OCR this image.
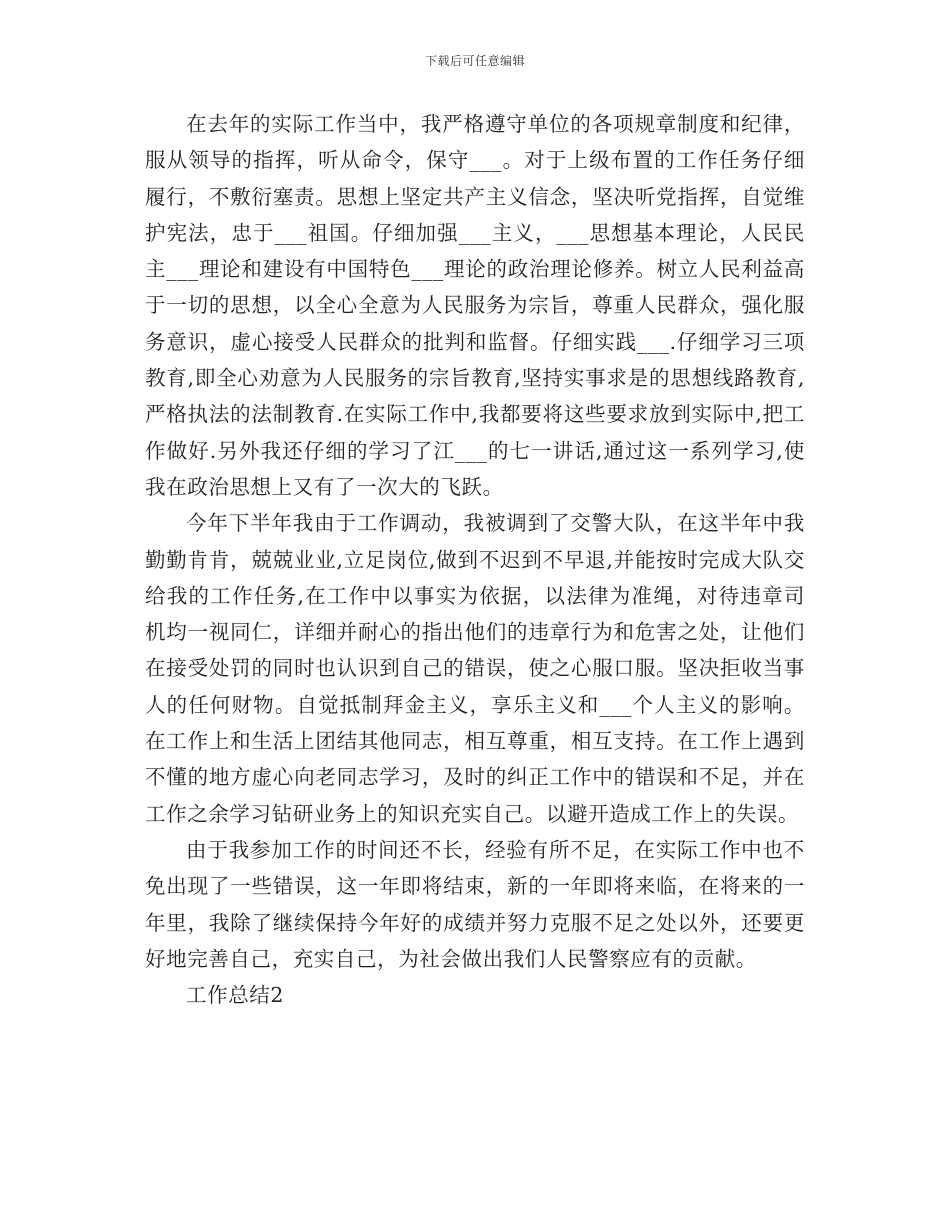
下载后可任意编辑

在去年的实际工作当中，我严格遵守单位的各项规章制度和纪律，服从领导的指挥，听从命令，保守___。对于上级布置的工作任务仔细履行，不敷衍塞责。思想上坚定共产主义信念，坚决听党指挥，自觉维护宪法，忠于___祖国。仔细加强___主义，___思想基本理论，人民民主___理论和建设有中国特色___理论的政治理论修养。树立人民利益高于一切的思想，以全心全意为人民服务为宗旨，尊重人民群众，强化服务意识，虚心接受人民群众的批判和监督。仔细实践___.仔细学习三项教育,即全心劝意为人民服务的宗旨教育,坚持实事求是的思想线路教育,严格执法的法制教育.在实际工作中,我都要将这些要求放到实际中,把工作做好.另外我还仔细的学习了江___的七一讲话,通过这一系列学习,使我在政治思想上又有了一次大的飞跃。

今年下半年我由于工作调动，我被调到了交警大队，在这半年中我勤勤肯肯，兢兢业业,立足岗位,做到不迟到不早退,并能按时完成大队交给我的工作任务,在工作中以事实为依据，以法律为准绳，对待违章司机均一视同仁，详细并耐心的指出他们的违章行为和危害之处，让他们在接受处罚的同时也认识到自己的错误，使之心服口服。坚决拒收当事人的任何财物。自觉抵制拜金主义，享乐主义和___个人主义的影响。在工作上和生活上团结其他同志，相互尊重，相互支持。在工作上遇到不懂的地方虚心向老同志学习，及时的纠正工作中的错误和不足，并在工作之余学习钻研业务上的知识充实自己。以避开造成工作上的失误。

由于我参加工作的时间还不长，经验有所不足，在实际工作中也不免出现了一些错误，这一年即将结束，新的一年即将来临，在将来的一年里，我除了继续保持今年好的成绩并努力克服不足之处以外，还要更好地完善自己，充实自己，为社会做出我们人民警察应有的贡献。

工作总结2
